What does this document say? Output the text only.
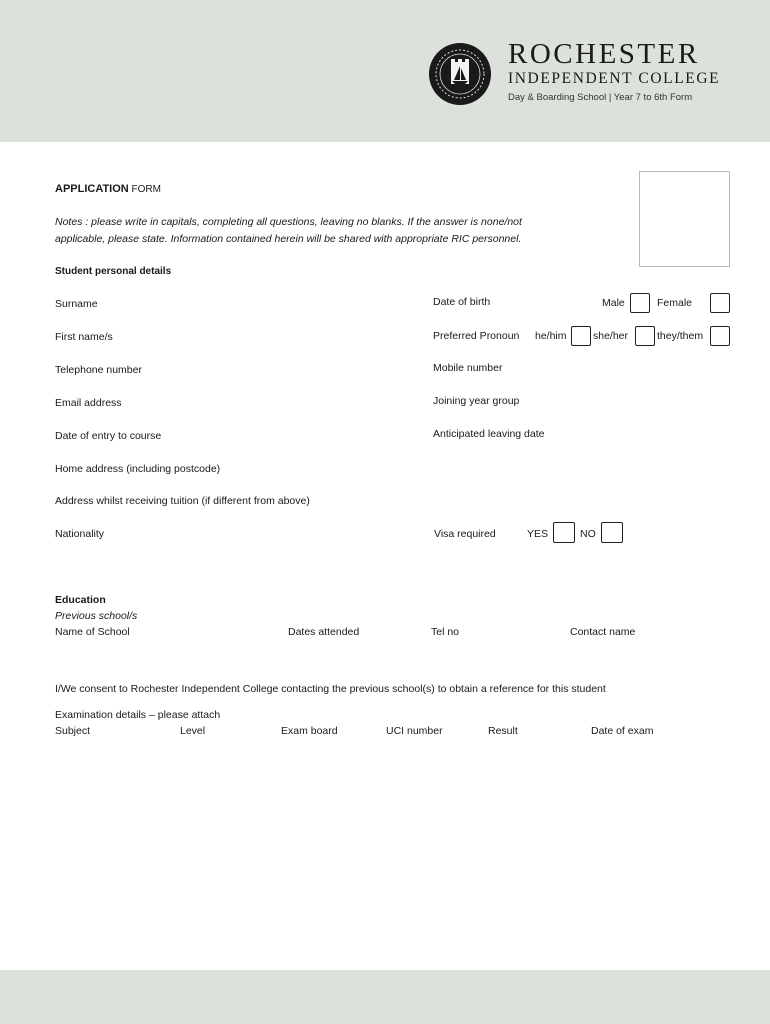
ROCHESTER
INDEPENDENT COLLEGE
Day & Boarding School | Year 7 to 6th Form
APPLICATION FORM
Notes : please write in capitals, completing all questions, leaving no blanks. If the answer is none/not
applicable, please state. Information contained herein will be shared with appropriate RIC personnel.
Student personal details
Surname	Date of birth	Male	Female
First name/s	Preferred Pronoun he/him	she/her	they/them
Telephone number	Mobile number
Email address	Joining year group
Date of entry to course	Anticipated leaving date
Home address (including postcode)
Address whilst receiving tuition (if different from above)
Nationality	Visa required	YES	NO
Education
Previous school/s
Name of School	Dates attended	Tel no	Contact name
I/We consent to Rochester Independent College contacting the previous school(s) to obtain a reference for this student
Examination details – please attach
Subject	Level	Exam board	UCI number	Result	Date of exam
